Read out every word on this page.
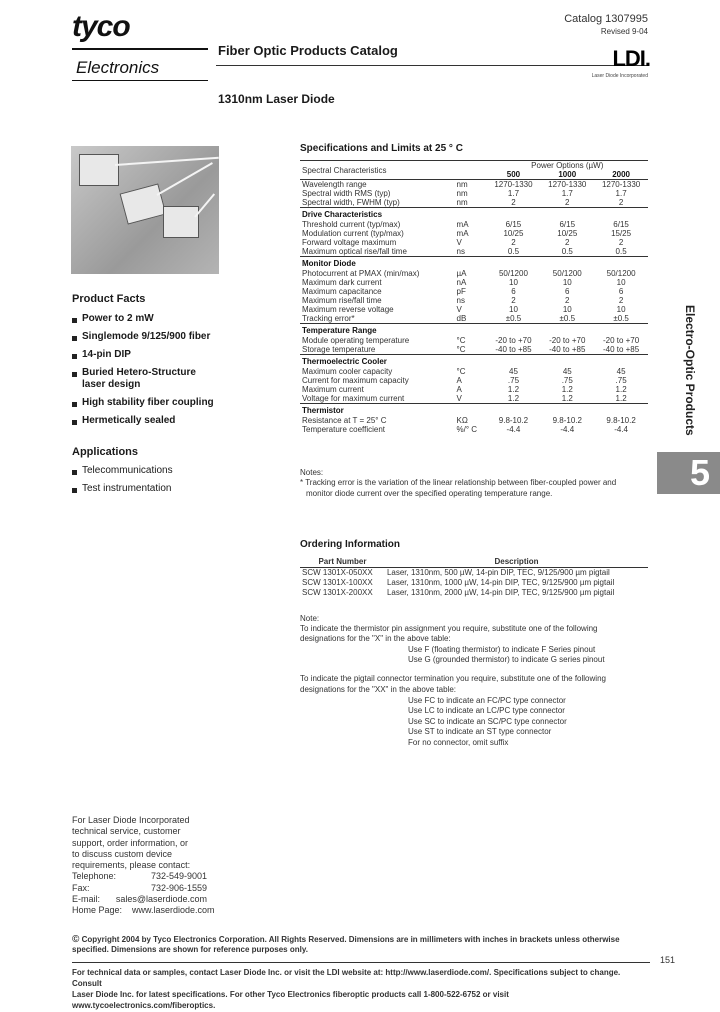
tyco
Electronics
Fiber Optic Products Catalog
Catalog 1307995
Revised 9-04
LDI.
Laser Diode Incorporated
1310nm Laser Diode
Product Facts
Power to 2 mW
Singlemode 9/125/900 fiber
14-pin DIP
Buried Hetero-Structure
laser design
High stability fiber coupling
Hermetically sealed
Applications
Telecommunications
Test instrumentation
Specifications and Limits at 25 ° C
Spectral Characteristics		Power Options (µW)		
		500	1000	2000
Wavelength range	nm	1270-1330	1270-1330	1270-1330
Spectral width RMS (typ)	nm	1.7	1.7	1.7
Spectral width, FWHM (typ)	nm	2	2	2
Drive Characteristics				
Threshold current (typ/max)	mA	6/15	6/15	6/15
Modulation current (typ/max)	mA	10/25	10/25	15/25
Forward voltage maximum	V	2	2	2
Maximum optical rise/fall time	ns	0.5	0.5	0.5
Monitor Diode				
Photocurrent at PMAX (min/max)	µA	50/1200	50/1200	50/1200
Maximum dark current	nA	10	10	10
Maximum capacitance	pF	6	6	6
Maximum rise/fall time	ns	2	2	2
Maximum reverse voltage	V	10	10	10
Tracking error*	dB	±0.5	±0.5	±0.5
Temperature Range				
Module operating temperature	°C	-20 to +70	-20 to +70	-20 to +70
Storage temperature	°C	-40 to +85	-40 to +85	-40 to +85
Thermoelectric Cooler				
Maximum cooler capacity	°C	45	45	45
Current for maximum capacity	A	.75	.75	.75
Maximum current	A	1.2	1.2	1.2
Voltage for maximum current	V	1.2	1.2	1.2
Thermistor				
Resistance at T = 25° C	KΩ	9.8-10.2	9.8-10.2	9.8-10.2
Temperature coefficient	%/° C	-4.4	-4.4	-4.4
Notes:
* Tracking error is the variation of the linear relationship between fiber-coupled power and
monitor diode current over the specified operating temperature range.
Ordering Information
Part Number	Description
SCW 1301X-050XX	Laser, 1310nm, 500 µW, 14-pin DIP, TEC, 9/125/900 µm pigtail
SCW 1301X-100XX	Laser, 1310nm, 1000 µW, 14-pin DIP, TEC, 9/125/900 µm pigtail
SCW 1301X-200XX	Laser, 1310nm, 2000 µW, 14-pin DIP, TEC, 9/125/900 µm pigtail
Note:
To indicate the thermistor pin assignment you require, substitute one of the following
designations for the "X" in the above table:
Use F (floating thermistor) to indicate F Series pinout
Use G (grounded thermistor) to indicate G series pinout
To indicate the pigtail connector termination you require, substitute one of the following
designations for the "XX" in the above table:
Use FC to indicate an FC/PC type connector
Use LC to indicate an LC/PC type connector
Use SC to indicate an SC/PC type connector
Use ST to indicate an ST type connector
For no connector, omit suffix
Electro-Optic Products
5
For Laser Diode Incorporated
technical service, customer
support, order information, or
to discuss custom device
requirements, please contact:
Telephone:	732-549-9001
Fax:	732-906-1559
E-mail: sales@laserdiode.com
Home Page: www.laserdiode.com
© Copyright 2004 by Tyco Electronics Corporation. All Rights Reserved. Dimensions are in millimeters with inches in brackets unless otherwise specified. Dimensions are shown for reference purposes only.
151
For technical data or samples, contact Laser Diode Inc. or visit the LDI website at: http://www.laserdiode.com/. Specifications subject to change. Consult
Laser Diode Inc. for latest specifications. For other Tyco Electronics fiberoptic products call 1-800-522-6752 or visit www.tycoelectronics.com/fiberoptics.
